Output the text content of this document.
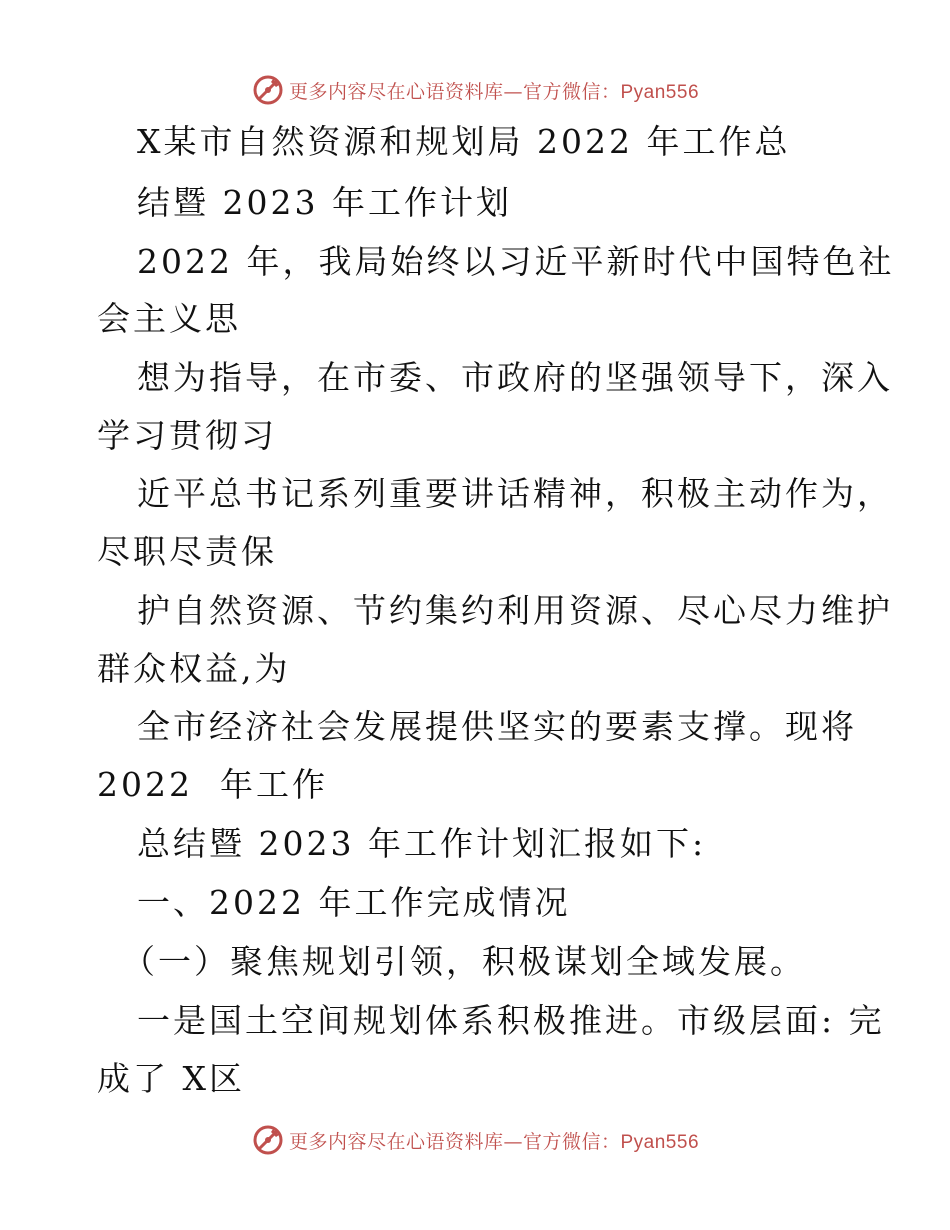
更多内容尽在心语资料库—官方微信：Pyan556
X某市自然资源和规划局 2022 年工作总
结暨 2023 年工作计划
2022 年，我局始终以习近平新时代中国特色社
会主义思
想为指导，在市委、市政府的坚强领导下，深入
学习贯彻习
近平总书记系列重要讲话精神，积极主动作为，
尽职尽责保
护自然资源、节约集约利用资源、尽心尽力维护
群众权益,为
全市经济社会发展提供坚实的要素支撑。现将
2022  年工作
总结暨 2023 年工作计划汇报如下:
一、2022 年工作完成情况
（一）聚焦规划引领，积极谋划全域发展。
一是国土空间规划体系积极推进。市级层面: 完
成了 X区
更多内容尽在心语资料库—官方微信：Pyan556
